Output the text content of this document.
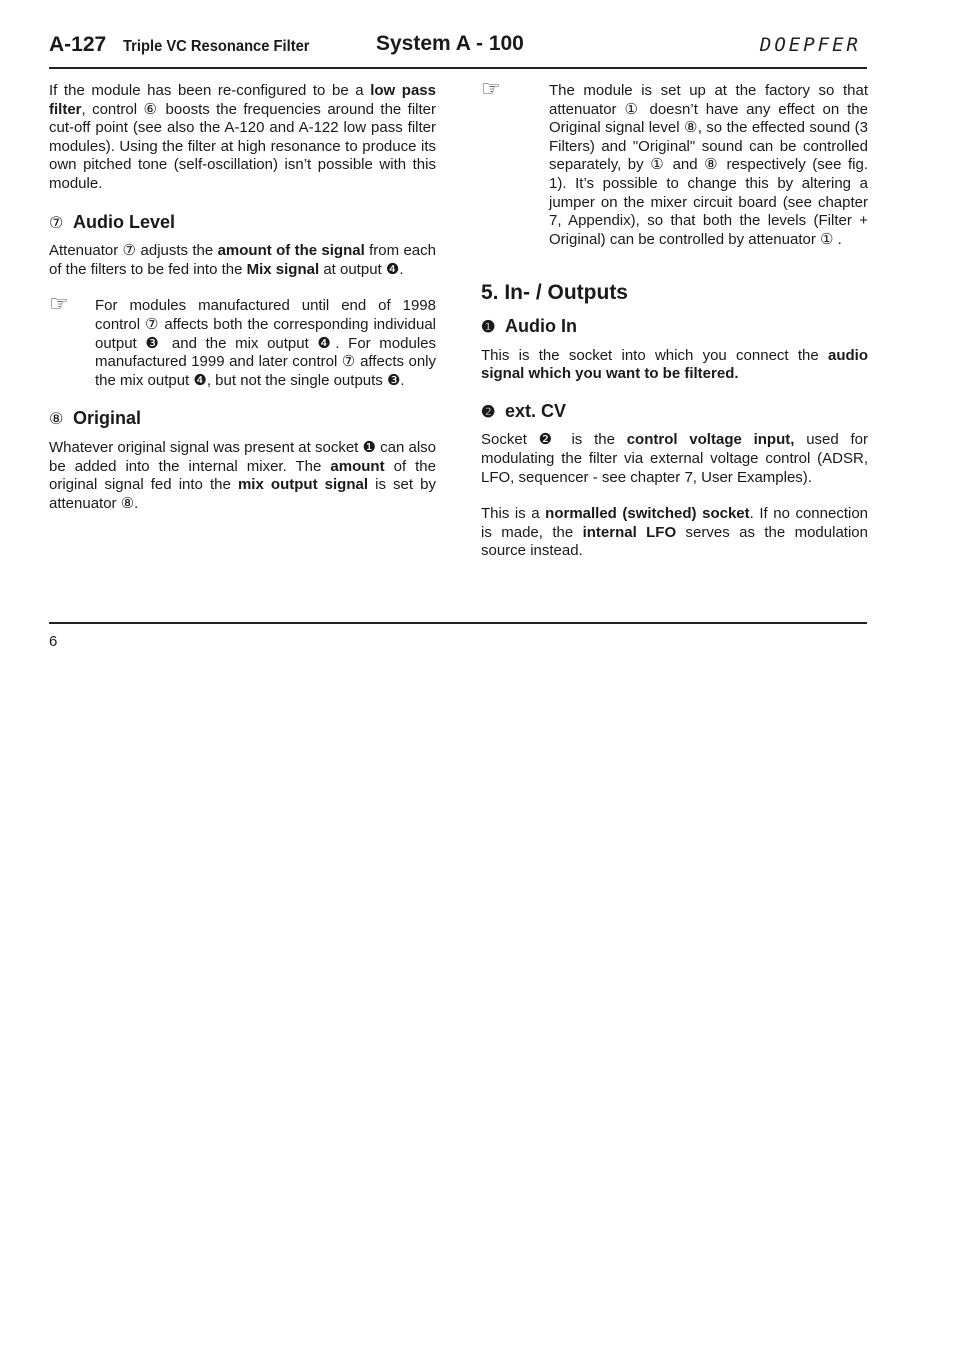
A-127 Triple VC Resonance Filter	System A - 100	DOEPFER

If the module has been re-configured to be a low pass filter, control ⑥ boosts the frequencies around the filter cut-off point (see also the A-120 and A-122 low pass filter modules). Using the filter at high resonance to produce its own pitched tone (self-oscillation) isn’t possible with this module.

⑦ Audio Level

Attenuator ⑦ adjusts the amount of the signal from each of the filters to be fed into the Mix signal at output ❹.

☞ For modules manufactured until end of 1998 control ⑦ affects both the corresponding individual output ❸ and the mix output ❹. For modules manufactured 1999 and later control ⑦ affects only the mix output ❹, but not the single outputs ❸.

⑧ Original

Whatever original signal was present at socket ❶ can also be added into the internal mixer. The amount of the original signal fed into the mix output signal is set by attenuator ⑧.

☞	The module is set up at the factory so that attenuator ① doesn’t have any effect on the Original signal level ⑧, so the effected sound (3 Filters) and "Original" sound can be controlled separately, by ① and ⑧ respectively (see fig. 1). It’s possible to change this by altering a jumper on the mixer circuit board (see chapter 7, Appendix), so that both the levels (Filter + Original) can be controlled by attenuator ① .

5. In- / Outputs
❶ Audio In

This is the socket into which you connect the audio signal which you want to be filtered.

❷ ext. CV

Socket ❷ is the control voltage input, used for modulating the filter via external voltage control (ADSR, LFO, sequencer - see chapter 7, User Examples).

This is a normalled (switched) socket. If no connection is made, the internal LFO serves as the modulation source instead.

6
